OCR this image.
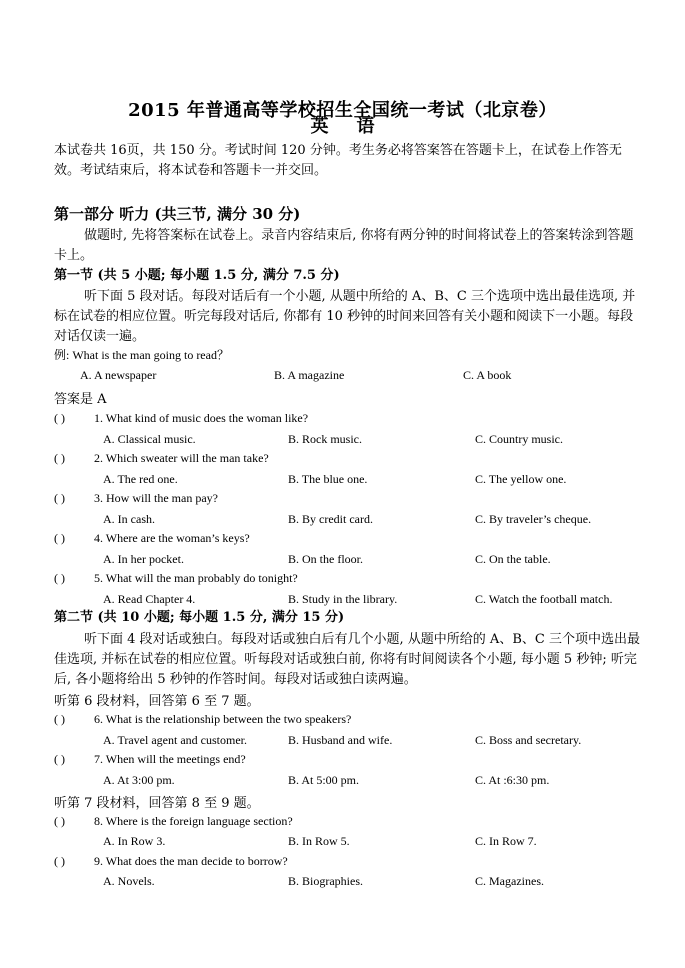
2015 年普通高等学校招生全国统一考试（北京卷）
英语
本试卷共 16页，共 150 分。考试时间 120 分钟。考生务必将答案答在答题卡上，在试卷上作答无效。考试结束后，将本试卷和答题卡一并交回。
第一部分 听力 (共三节, 满分 30 分)
做题时, 先将答案标在试卷上。录音内容结束后, 你将有两分钟的时间将试卷上的答案转涂到答题卡上。
第一节 (共 5 小题; 每小题 1.5 分, 满分 7.5 分)
听下面 5 段对话。每段对话后有一个小题, 从题中所给的 A、B、C 三个选项中选出最佳选项, 并标在试卷的相应位置。听完每段对话后, 你都有 10 秒钟的时间来回答有关小题和阅读下一小题。每段对话仅读一遍。
例: What is the man going to read？
A. A newspaper	B. A magazine	C. A book
答案是 A
( ) 1. What kind of music does the woman like?
A. Classical music.	B. Rock music.	C. Country music.
( ) 2. Which sweater will the man take?
A. The red one.	B. The blue one.	C. The yellow one.
( ) 3. How will the man pay?
A. In cash.	B. By credit card.	C. By traveler’s cheque.
( ) 4. Where are the woman’s keys?
A. In her pocket.	B. On the floor.	C. On the table.
( ) 5. What will the man probably do tonight?
A. Read Chapter 4.	B. Study in the library.	C. Watch the football match.
第二节 (共 10 小题; 每小题 1.5 分, 满分 15 分)
听下面 4 段对话或独白。每段对话或独白后有几个小题, 从题中所给的 A、B、C 三个项中选出最佳选项, 并标在试卷的相应位置。听每段对话或独白前, 你将有时间阅读各个小题, 每小题 5 秒钟; 听完后, 各小题将给出 5 秒钟的作答时间。每段对话或独白读两遍。
听第 6 段材料，回答第 6 至 7 题。
( ) 6. What is the relationship between the two speakers?
A. Travel agent and customer.	B. Husband and wife.	C. Boss and secretary.
( ) 7. When will the meetings end?
A. At 3:00 pm.	B. At 5:00 pm.	C. At :6:30 pm.
听第 7 段材料，回答第 8 至 9 题。
( ) 8. Where is the foreign language section?
A. In Row 3.	B. In Row 5.	C. In Row 7.
( ) 9. What does the man decide to borrow?
A. Novels.	B. Biographies.	C. Magazines.
